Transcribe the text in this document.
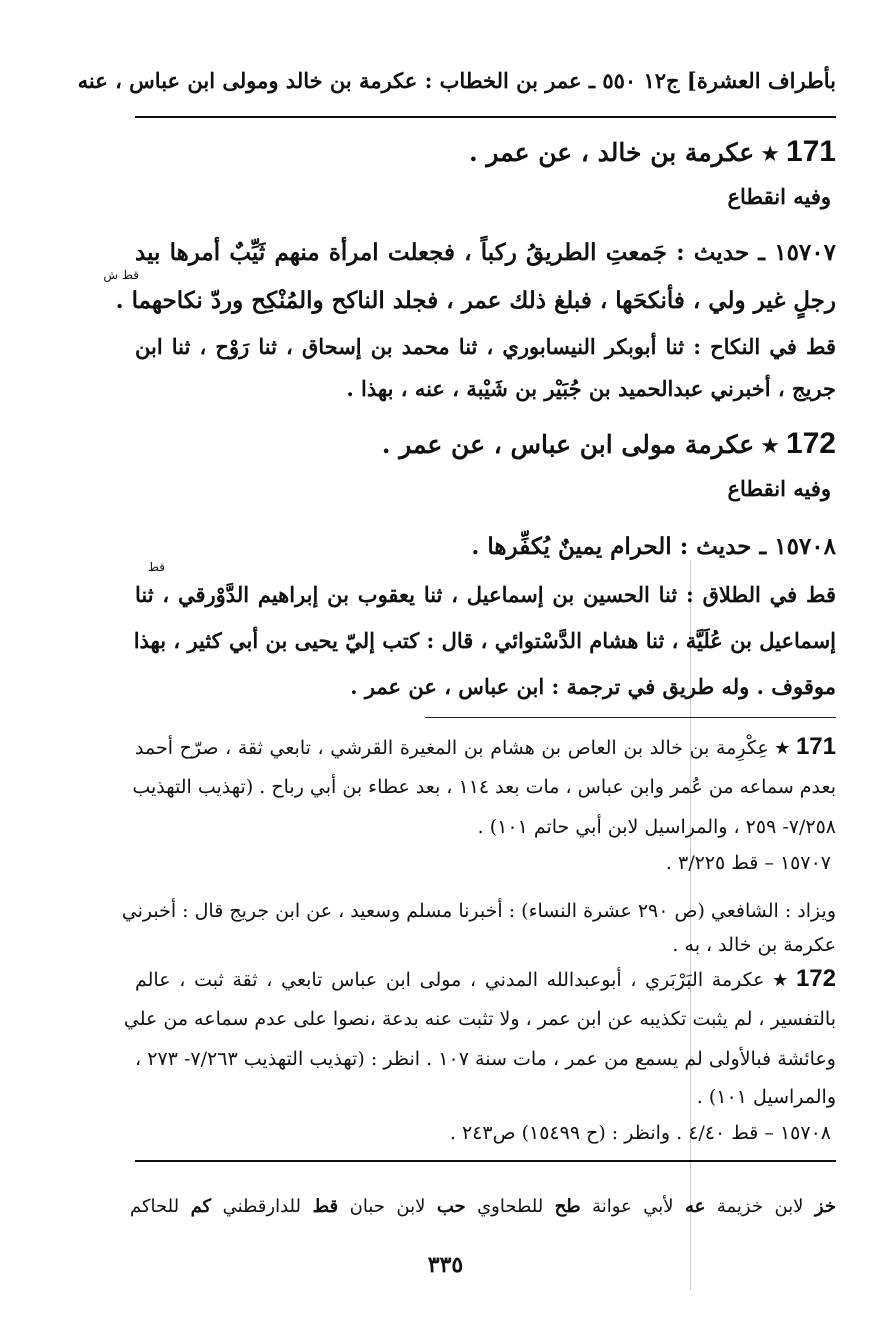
بأطراف العشرة] ج١٢ ٥٥٠ ـ عمر بن الخطاب : عكرمة بن خالد ومولى ابن عباس ، عنه
171★عكرمة بن خالد ، عن عمر .
وفيه انقطاع
١٥٧٠٧ ـ حديث : جَمعتِ الطريقُ ركباً ، فجعلت امرأة منهم ثَيِّبٌ أمرها بيد
قط ش
رجلٍ غير ولي ، فأنكحَها ، فبلغ ذلك عمر ، فجلد الناكح والمُنْكِح وردّ نكاحهما .
قط في النكاح : ثنا أبوبكر النيسابوري ، ثنا محمد بن إسحاق ، ثنا رَوْح ، ثنا ابن
جريج ، أخبرني عبدالحميد بن جُبَيْر بن شَيْبة ، عنه ، بهذا .
172★عكرمة مولى ابن عباس ، عن عمر .
وفيه انقطاع
١٥٧٠٨ ـ حديث : الحرام يمينٌ يُكفِّرها .
قط
قط في الطلاق : ثنا الحسين بن إسماعيل ، ثنا يعقوب بن إبراهيم الدَّوْرقي ، ثنا
إسماعيل بن عُلَيَّة ، ثنا هشام الدَّسْتوائي ، قال : كتب إليّ يحيى بن أبي كثير ، بهذا
موقوف . وله طريق في ترجمة : ابن عباس ، عن عمر .
171★عِكْرِمة بن خالد بن العاص بن هشام بن المغيرة القرشي ، تابعي ثقة ، صرّح أحمد
بعدم سماعه من عُمر وابن عباس ، مات بعد ١١٤ ، بعد عطاء بن أبي رباح . (تهذيب التهذيب
٧/٢٥٨- ٢٥٩ ، والمراسيل لابن أبي حاتم ١٠١) .
١٥٧٠٧ – قط ٣/٢٢٥ .
ويزاد : الشافعي (ص ٢٩٠ عشرة النساء) : أخبرنا مسلم وسعيد ، عن ابن جريج قال : أخبرني
عكرمة بن خالد ، به .
172★عكرمة البَرْبَري ، أبوعبدالله المدني ، مولى ابن عباس تابعي ، ثقة ثبت ، عالم
بالتفسير ، لم يثبت تكذيبه عن ابن عمر ، ولا تثبت عنه بدعة ،نصوا على عدم سماعه من علي
وعائشة فبالأولى لم يسمع من عمر ، مات سنة ١٠٧ . انظر : (تهذيب التهذيب ٧/٢٦٣- ٢٧٣ ،
والمراسيل ١٠١) .
١٥٧٠٨ – قط ٤/٤٠ . وانظر : (ح ١٥٤٩٩) ص٢٤٣ .
خز لابن خزيمة عه لأبي عوانة طح للطحاوي حب لابن حبان قط للدارقطني كم للحاكم
٣٣٥
